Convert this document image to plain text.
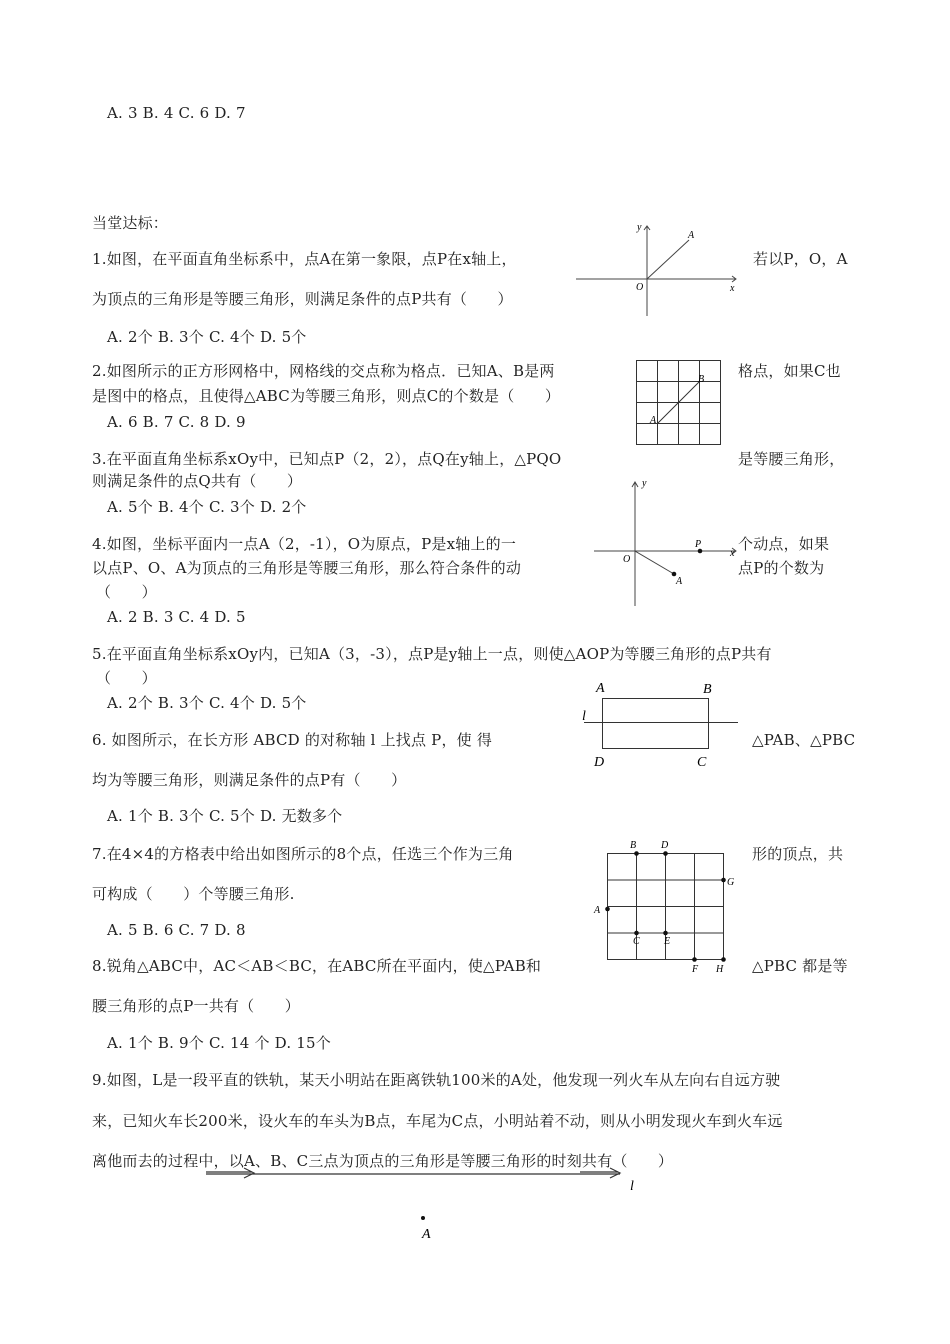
A. 3 B. 4 C. 6 D. 7
当堂达标：
1.如图，在平面直角坐标系中，点A在第一象限，点P在x轴上，	若以P，O，A
为顶点的三角形是等腰三角形，则满足条件的点P共有（　　）
A. 2个 B. 3个 C. 4个 D. 5个
y
x
O
A
2.如图所示的正方形网格中，网格线的交点称为格点．已知A、B是两	格点，如果C也
是图中的格点，且使得△ABC为等腰三角形，则点C的个数是（　　）
A. 6 B. 7 C. 8 D. 9	A
B
3.在平面直角坐标系xOy中，已知点P（2，2），点Q在y轴上，△PQO	是等腰三角形，
则满足条件的点Q共有（　　）
A. 5个 B. 4个 C. 3个 D. 2个
4.如图，坐标平面内一点A（2，-1），O为原点，P是x轴上的一	个动点，如果
以点P、O、A为顶点的三角形是等腰三角形，那么符合条件的动	点P的个数为
（　　）
A. 2 B. 3 C. 4 D. 5
y
x
O
P
A
5.在平面直角坐标系xOy内，已知A（3，-3），点P是y轴上一点，则使△AOP为等腰三角形的点P共有
（　　）
A. 2个 B. 3个 C. 4个 D. 5个
6. 如图所示，在长方形 ABCD 的对称轴 l 上找点 P，使 得	△PAB、△PBC
均为等腰三角形，则满足条件的点P有（　　）
A. 1个 B. 3个 C. 5个 D. 无数多个
A	B
D	C
l
7.在4×4的方格表中给出如图所示的8个点，任选三个作为三角	形的顶点，共
可构成（　　）个等腰三角形.
A. 5 B. 6 C. 7 D. 8
B D
G
A
C E
F H
8.锐角△ABC中，AC＜AB＜BC，在ABC所在平面内，使△PAB和	△PBC 都是等
腰三角形的点P一共有（　　）
A. 1个 B. 9个 C. 14 个 D. 15个
9.如图，L是一段平直的铁轨，某天小明站在距离铁轨100米的A处，他发现一列火车从左向右自远方驶
来，已知火车长200米，设火车的车头为B点，车尾为C点，小明站着不动，则从小明发现火车到火车远
离他而去的过程中，以A、B、C三点为顶点的三角形是等腰三角形的时刻共有（　　）
l
A
